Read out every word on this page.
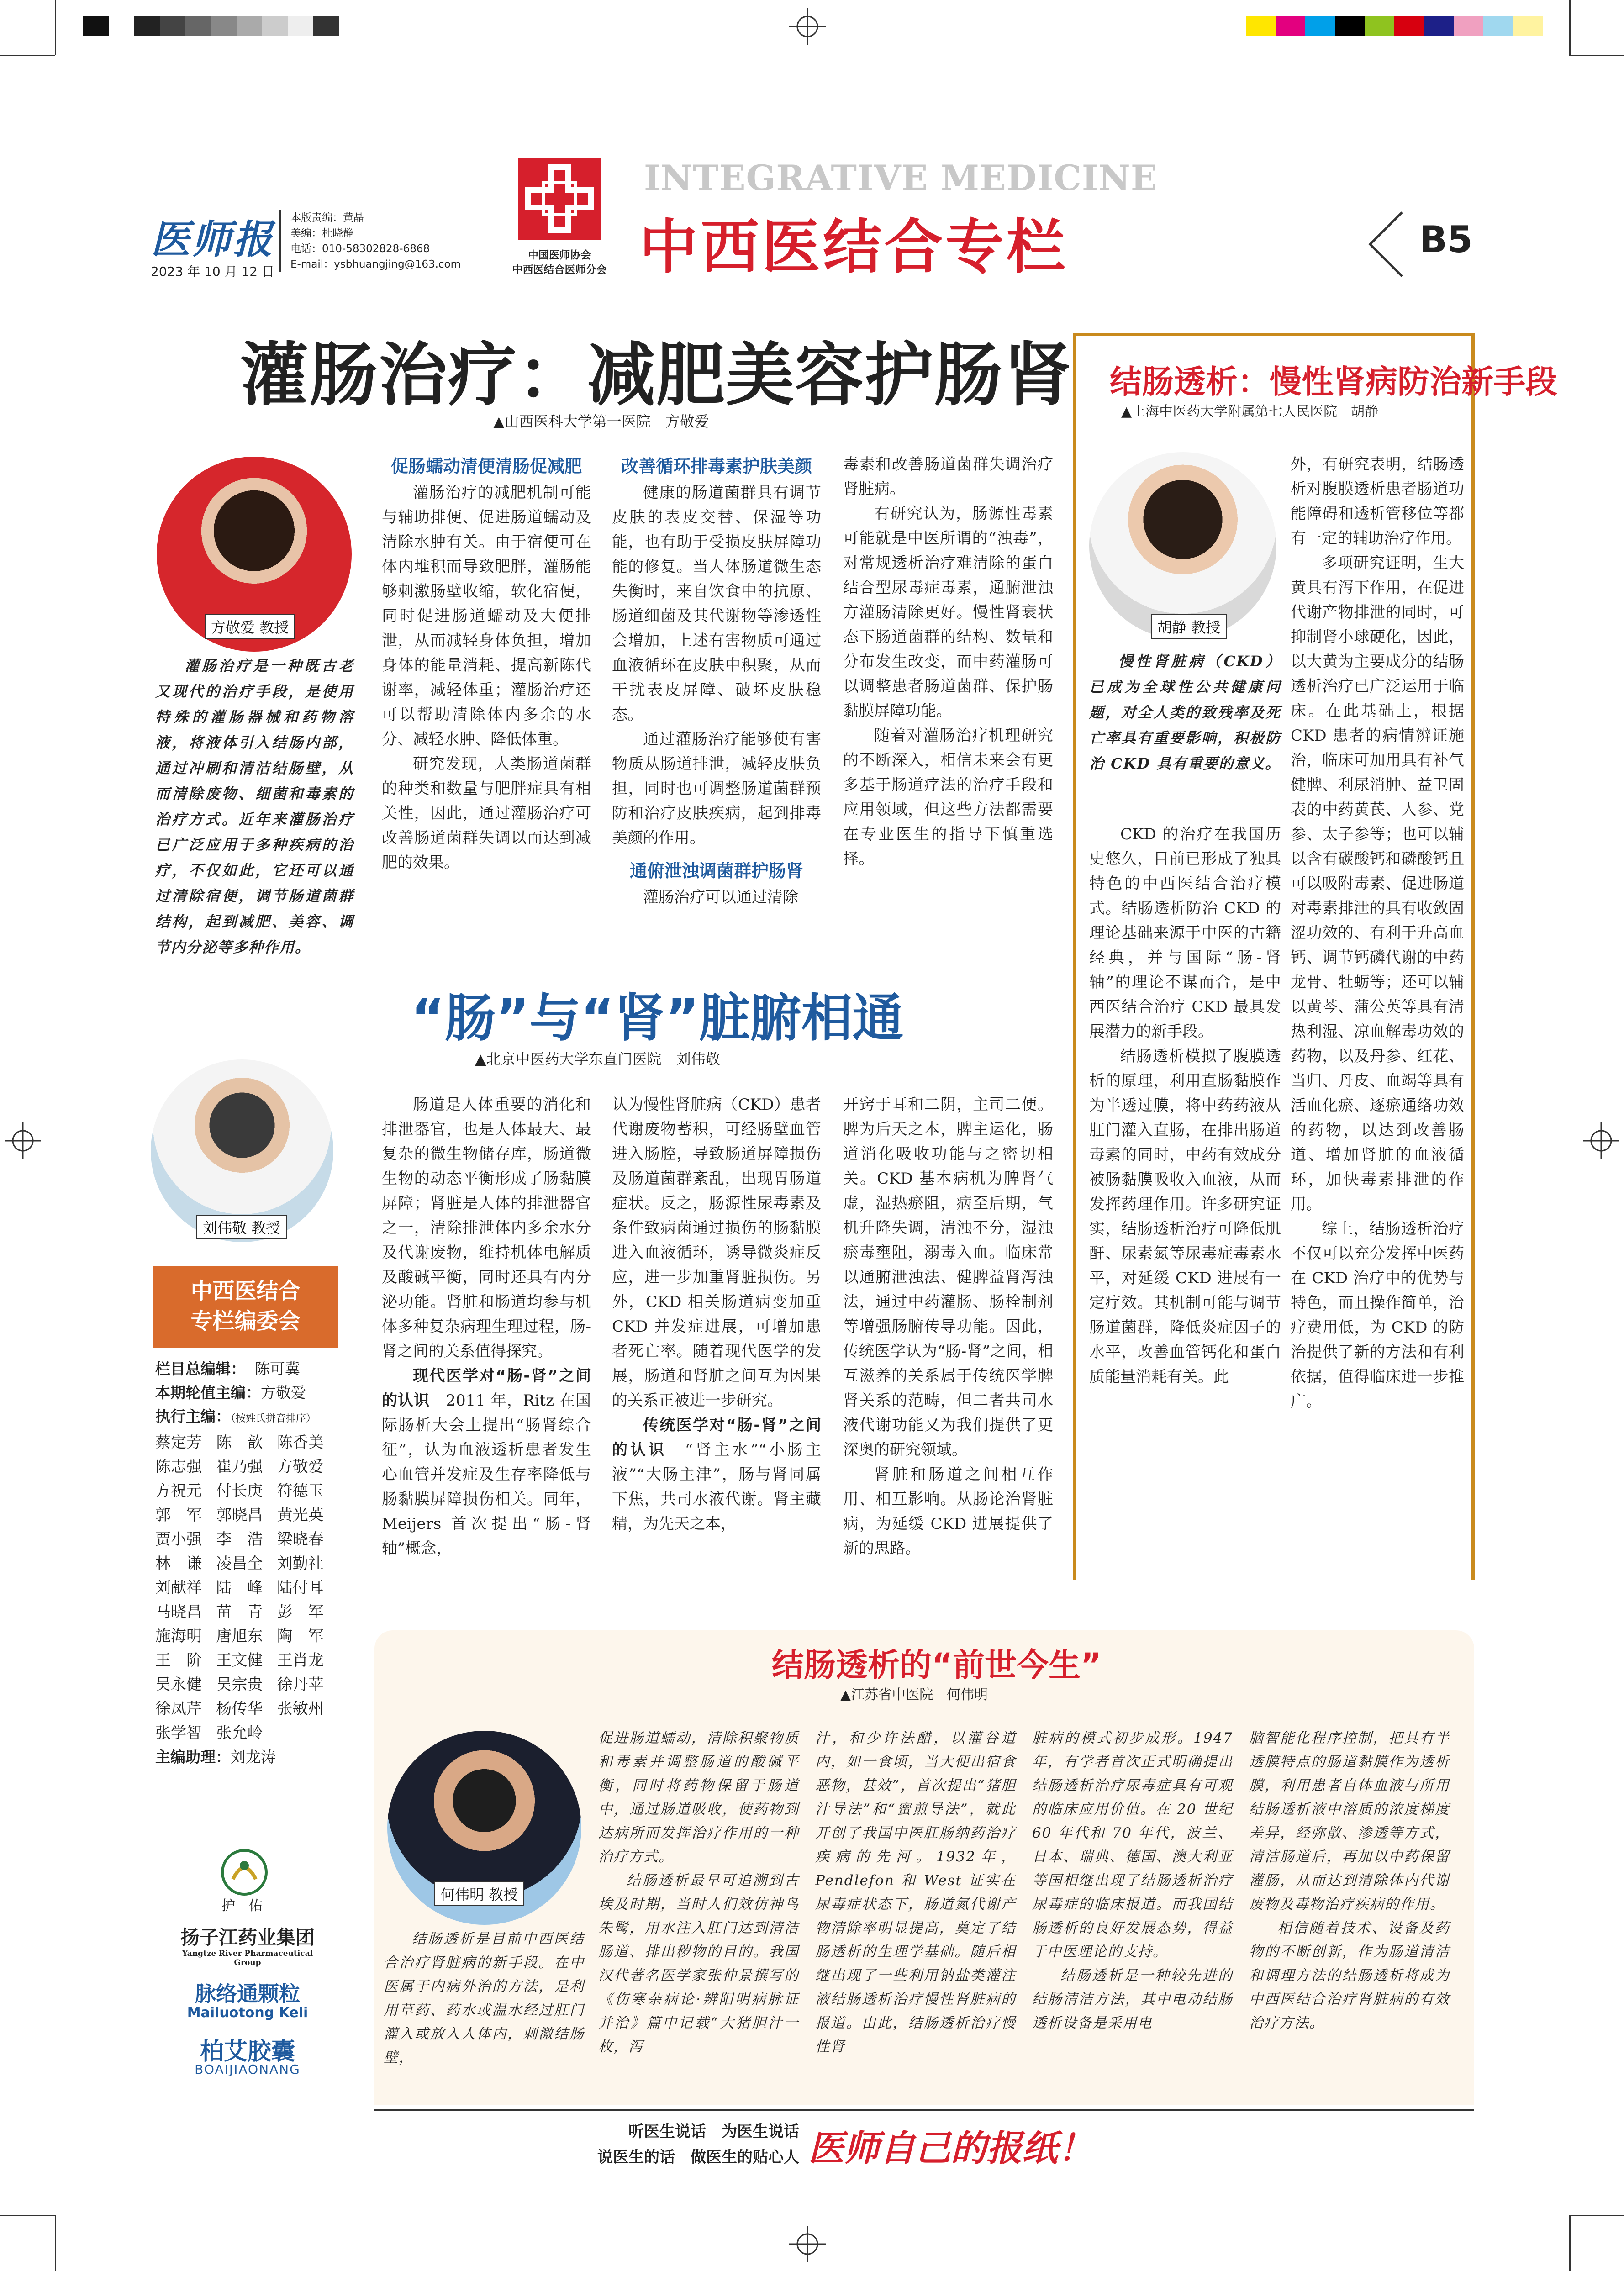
医师报
2023 年 10 月 12 日
本版责编：黄晶
美编：杜晓静
电话：010-58302828-6868
E-mail：ysbhuangjing@163.com
中国医师协会
中西医结合医师分会
INTEGRATIVE MEDICINE
中西医结合专栏	B5
灌肠治疗：减肥美容护肠肾
▲山西医科大学第一医院　方敬爱
方敬爱 教授

灌肠治疗是一种既古老又现代的治疗手段，是使用特殊的灌肠器械和药物溶液，将液体引入结肠内部，通过冲刷和清洁结肠壁，从而清除废物、细菌和毒素的治疗方式。近年来灌肠治疗已广泛应用于多种疾病的治疗，不仅如此，它还可以通过清除宿便，调节肠道菌群结构，起到减肥、美容、调节内分泌等多种作用。

促肠蠕动清便清肠促减肥

灌肠治疗的减肥机制可能与辅助排便、促进肠道蠕动及清除水肿有关。由于宿便可在体内堆积而导致肥胖，灌肠能够刺激肠壁收缩，软化宿便，同时促进肠道蠕动及大便排泄，从而减轻身体负担，增加身体的能量消耗、提高新陈代谢率，减轻体重；灌肠治疗还可以帮助清除体内多余的水分、减轻水肿、降低体重。

研究发现，人类肠道菌群的种类和数量与肥胖症具有相关性，因此，通过灌肠治疗可改善肠道菌群失调以而达到减肥的效果。

改善循环排毒素护肤美颜

健康的肠道菌群具有调节皮肤的表皮交替、保湿等功能，也有助于受损皮肤屏障功能的修复。当人体肠道微生态失衡时，来自饮食中的抗原、肠道细菌及其代谢物等渗透性会增加，上述有害物质可通过血液循环在皮肤中积聚，从而干扰表皮屏障、破坏皮肤稳态。

通过灌肠治疗能够使有害物质从肠道排泄，减轻皮肤负担，同时也可调整肠道菌群预防和治疗皮肤疾病，起到排毒美颜的作用。

通俯泄浊调菌群护肠肾

灌肠治疗可以通过清除

毒素和改善肠道菌群失调治疗肾脏病。

有研究认为，肠源性毒素可能就是中医所谓的“浊毒”，对常规透析治疗难清除的蛋白结合型尿毒症毒素，通腑泄浊方灌肠清除更好。慢性肾衰状态下肠道菌群的结构、数量和分布发生改变，而中药灌肠可以调整患者肠道菌群、保护肠黏膜屏障功能。

随着对灌肠治疗机理研究的不断深入，相信未来会有更多基于肠道疗法的治疗手段和应用领域，但这些方法都需要在专业医生的指导下慎重选择。

“肠”与“肾”脏腑相通
▲北京中医药大学东直门医院　刘伟敬
刘伟敬 教授

肠道是人体重要的消化和排泄器官，也是人体最大、最复杂的微生物储存库，肠道微生物的动态平衡形成了肠黏膜屏障；肾脏是人体的排泄器官之一，清除排泄体内多余水分及代谢废物，维持机体电解质及酸碱平衡，同时还具有内分泌功能。肾脏和肠道均参与机体多种复杂病理生理过程，肠-肾之间的关系值得探究。

现代医学对“肠-肾”之间的认识　 2011 年，Ritz 在国际肠析大会上提出“肠肾综合征”，认为血液透析患者发生心血管并发症及生存率降低与肠黏膜屏障损伤相关。同年，Meijers 首次提出“肠-肾轴”概念，

认为慢性肾脏病（CKD）患者代谢废物蓄积，可经肠壁血管进入肠腔，导致肠道屏障损伤及肠道菌群紊乱，出现胃肠道症状。反之，肠源性尿毒素及条件致病菌通过损伤的肠黏膜进入血液循环，诱导微炎症反应，进一步加重肾脏损伤。另外，CKD 相关肠道病变加重 CKD 并发症进展，可增加患者死亡率。随着现代医学的发展，肠道和肾脏之间互为因果的关系正被进一步研究。

传统医学对“肠-肾”之间的认识　 “肾主水”“小肠主液”“大肠主津”，肠与肾同属下焦，共司水液代谢。肾主藏精，为先天之本，

开窍于耳和二阴，主司二便。脾为后天之本，脾主运化，肠道消化吸收功能与之密切相关。CKD 基本病机为脾肾气虚，湿热瘀阻，病至后期，气机升降失调，清浊不分，湿浊瘀毒壅阻，溺毒入血。临床常以通腑泄浊法、健脾益肾泻浊法，通过中药灌肠、肠栓制剂等增强肠腑传导功能。因此，传统医学认为“肠-肾”之间，相互滋养的关系属于传统医学脾肾关系的范畴，但二者共司水液代谢功能又为我们提供了更深奥的研究领域。

肾脏和肠道之间相互作用、相互影响。从肠论治肾脏病，为延缓 CKD 进展提供了新的思路。

结肠透析：慢性肾病防治新手段
▲上海中医药大学附属第七人民医院　胡静
胡静 教授

慢性肾脏病（CKD）已成为全球性公共健康问题，对全人类的致残率及死亡率具有重要影响，积极防治 CKD 具有重要的意义。

CKD 的治疗在我国历史悠久，目前已形成了独具特色的中西医结合治疗模式。结肠透析防治 CKD 的理论基础来源于中医的古籍经典，并与国际“肠-肾轴”的理论不谋而合，是中西医结合治疗 CKD 最具发展潜力的新手段。

结肠透析模拟了腹膜透析的原理，利用直肠黏膜作为半透过膜，将中药药液从肛门灌入直肠，在排出肠道毒素的同时，中药有效成分被肠黏膜吸收入血液，从而发挥药理作用。许多研究证实，结肠透析治疗可降低肌酐、尿素氮等尿毒症毒素水平，对延缓 CKD 进展有一定疗效。其机制可能与调节肠道菌群，降低炎症因子的水平，改善血管钙化和蛋白质能量消耗有关。此

外，有研究表明，结肠透析对腹膜透析患者肠道功能障碍和透析管移位等都有一定的辅助治疗作用。

多项研究证明，生大黄具有泻下作用，在促进代谢产物排泄的同时，可抑制肾小球硬化，因此，以大黄为主要成分的结肠透析治疗已广泛运用于临床。在此基础上，根据 CKD 患者的病情辨证施治，临床可加用具有补气健脾、利尿消肿、益卫固表的中药黄芪、人参、党参、太子参等；也可以辅以含有碳酸钙和磷酸钙且可以吸附毒素、促进肠道对毒素排泄的具有收敛固涩功效的、有利于升高血钙、调节钙磷代谢的中药龙骨、牡蛎等；还可以辅以黄芩、蒲公英等具有清热利湿、凉血解毒功效的药物，以及丹参、红花、当归、丹皮、血竭等具有活血化瘀、逐瘀通络功效的药物，以达到改善肠道、增加肾脏的血液循环，加快毒素排泄的作用。

综上，结肠透析治疗不仅可以充分发挥中医药在 CKD 治疗中的优势与特色，而且操作简单，治疗费用低，为 CKD 的防治提供了新的方法和有利依据，值得临床进一步推广。

中西医结合
专栏编委会
栏目总编辑： 陈可冀
本期轮值主编：方敬爱
执行主编：（按姓氏拼音排序）
蔡定芳 陈　歆 陈香美
陈志强 崔乃强 方敬爱
方祝元 付长庚 符德玉
郭　军 郭晓昌 黄光英
贾小强 李　浩 梁晓春
林　谦 凌昌全 刘勤社
刘献祥 陆　峰 陆付耳
马晓昌 苗　青 彭　军
施海明 唐旭东 陶　军
王　阶 王文健 王肖龙
吴永健 吴宗贵 徐丹苹
徐凤芹 杨传华 张敏州
张学智 张允岭
主编助理：刘龙涛
护　佑
扬子江药业集团
Yangtze River Pharmaceutical Group
脉络通颗粒
Mailuotong Keli
柏艾胶囊
BOAIJIAONANG
结肠透析的“前世今生”
▲江苏省中医院　何伟明
何伟明 教授

结肠透析是目前中西医结合治疗肾脏病的新手段。在中医属于内病外治的方法，是利用草药、药水或温水经过肛门灌入或放入人体内，刺激结肠壁，

促进肠道蠕动，清除积聚物质和毒素并调整肠道的酸碱平衡，同时将药物保留于肠道中，通过肠道吸收，使药物到达病所而发挥治疗作用的一种治疗方式。

结肠透析最早可追溯到古埃及时期，当时人们效仿神鸟朱鹭，用水注入肛门达到清洁肠道、排出秽物的目的。我国汉代著名医学家张仲景撰写的《伤寒杂病论·辨阳明病脉证并治》篇中记载“大猪胆汁一枚，泻

汁，和少许法醋，以灌谷道内，如一食顷，当大便出宿食恶物，甚效”，首次提出“猪胆汁导法”和“蜜煎导法”，就此开创了我国中医肛肠纳药治疗疾病的先河。1932年，Pendlefon 和 West 证实在尿毒症状态下，肠道氮代谢产物清除率明显提高，奠定了结肠透析的生理学基础。随后相继出现了一些利用钠盐类灌注液结肠透析治疗慢性肾脏病的报道。由此，结肠透析治疗慢性肾

脏病的模式初步成形。1947年，有学者首次正式明确提出结肠透析治疗尿毒症具有可观的临床应用价值。在 20 世纪 60 年代和 70 年代，波兰、日本、瑞典、德国、澳大利亚等国相继出现了结肠透析治疗尿毒症的临床报道。而我国结肠透析的良好发展态势，得益于中医理论的支持。

结肠透析是一种较先进的结肠清洁方法，其中电动结肠透析设备是采用电

脑智能化程序控制，把具有半透膜特点的肠道黏膜作为透析膜，利用患者自体血液与所用结肠透析液中溶质的浓度梯度差异，经弥散、渗透等方式，清洁肠道后，再加以中药保留灌肠，从而达到清除体内代谢废物及毒物治疗疾病的作用。

相信随着技术、设备及药物的不断创新，作为肠道清洁和调理方法的结肠透析将成为中西医结合治疗肾脏病的有效治疗方法。

听医生说话　为医生说话
说医生的话　做医生的贴心人 医师自己的报纸！
